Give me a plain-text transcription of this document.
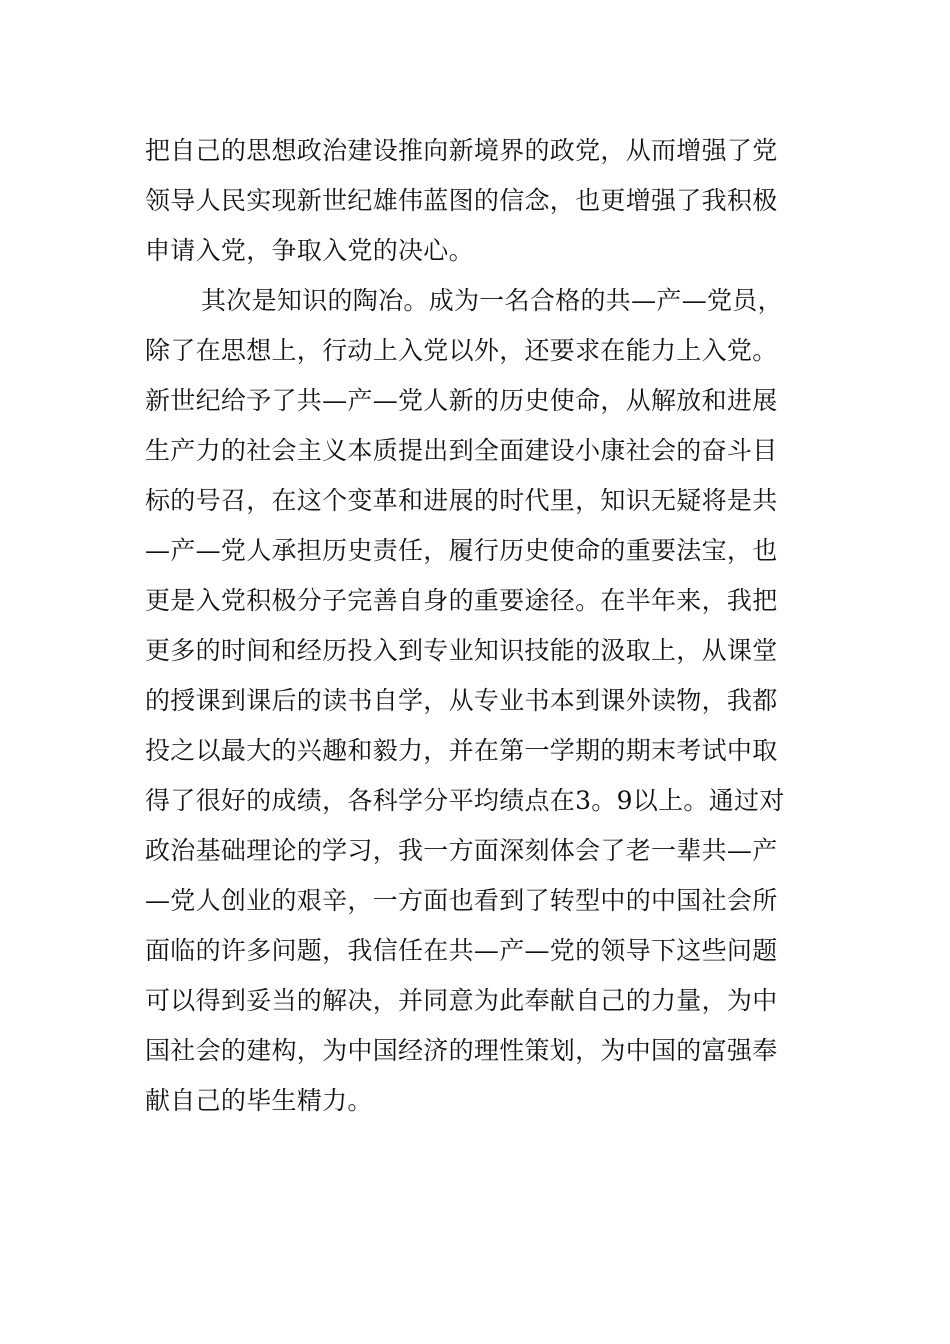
把自己的思想政治建设推向新境界的政党，从而增强了党
领导人民实现新世纪雄伟蓝图的信念，也更增强了我积极
申请入党，争取入党的决心。
其次是知识的陶冶。成为一名合格的共—产—党员，
除了在思想上，行动上入党以外，还要求在能力上入党。
新世纪给予了共—产—党人新的历史使命，从解放和进展
生产力的社会主义本质提出到全面建设小康社会的奋斗目
标的号召，在这个变革和进展的时代里，知识无疑将是共
—产—党人承担历史责任，履行历史使命的重要法宝，也
更是入党积极分子完善自身的重要途径。在半年来，我把
更多的时间和经历投入到专业知识技能的汲取上，从课堂
的授课到课后的读书自学，从专业书本到课外读物，我都
投之以最大的兴趣和毅力，并在第一学期的期末考试中取
得了很好的成绩，各科学分平均绩点在3。9以上。通过对
政治基础理论的学习，我一方面深刻体会了老一辈共—产
—党人创业的艰辛，一方面也看到了转型中的中国社会所
面临的许多问题，我信任在共—产—党的领导下这些问题
可以得到妥当的解决，并同意为此奉献自己的力量，为中
国社会的建构，为中国经济的理性策划，为中国的富强奉
献自己的毕生精力。
